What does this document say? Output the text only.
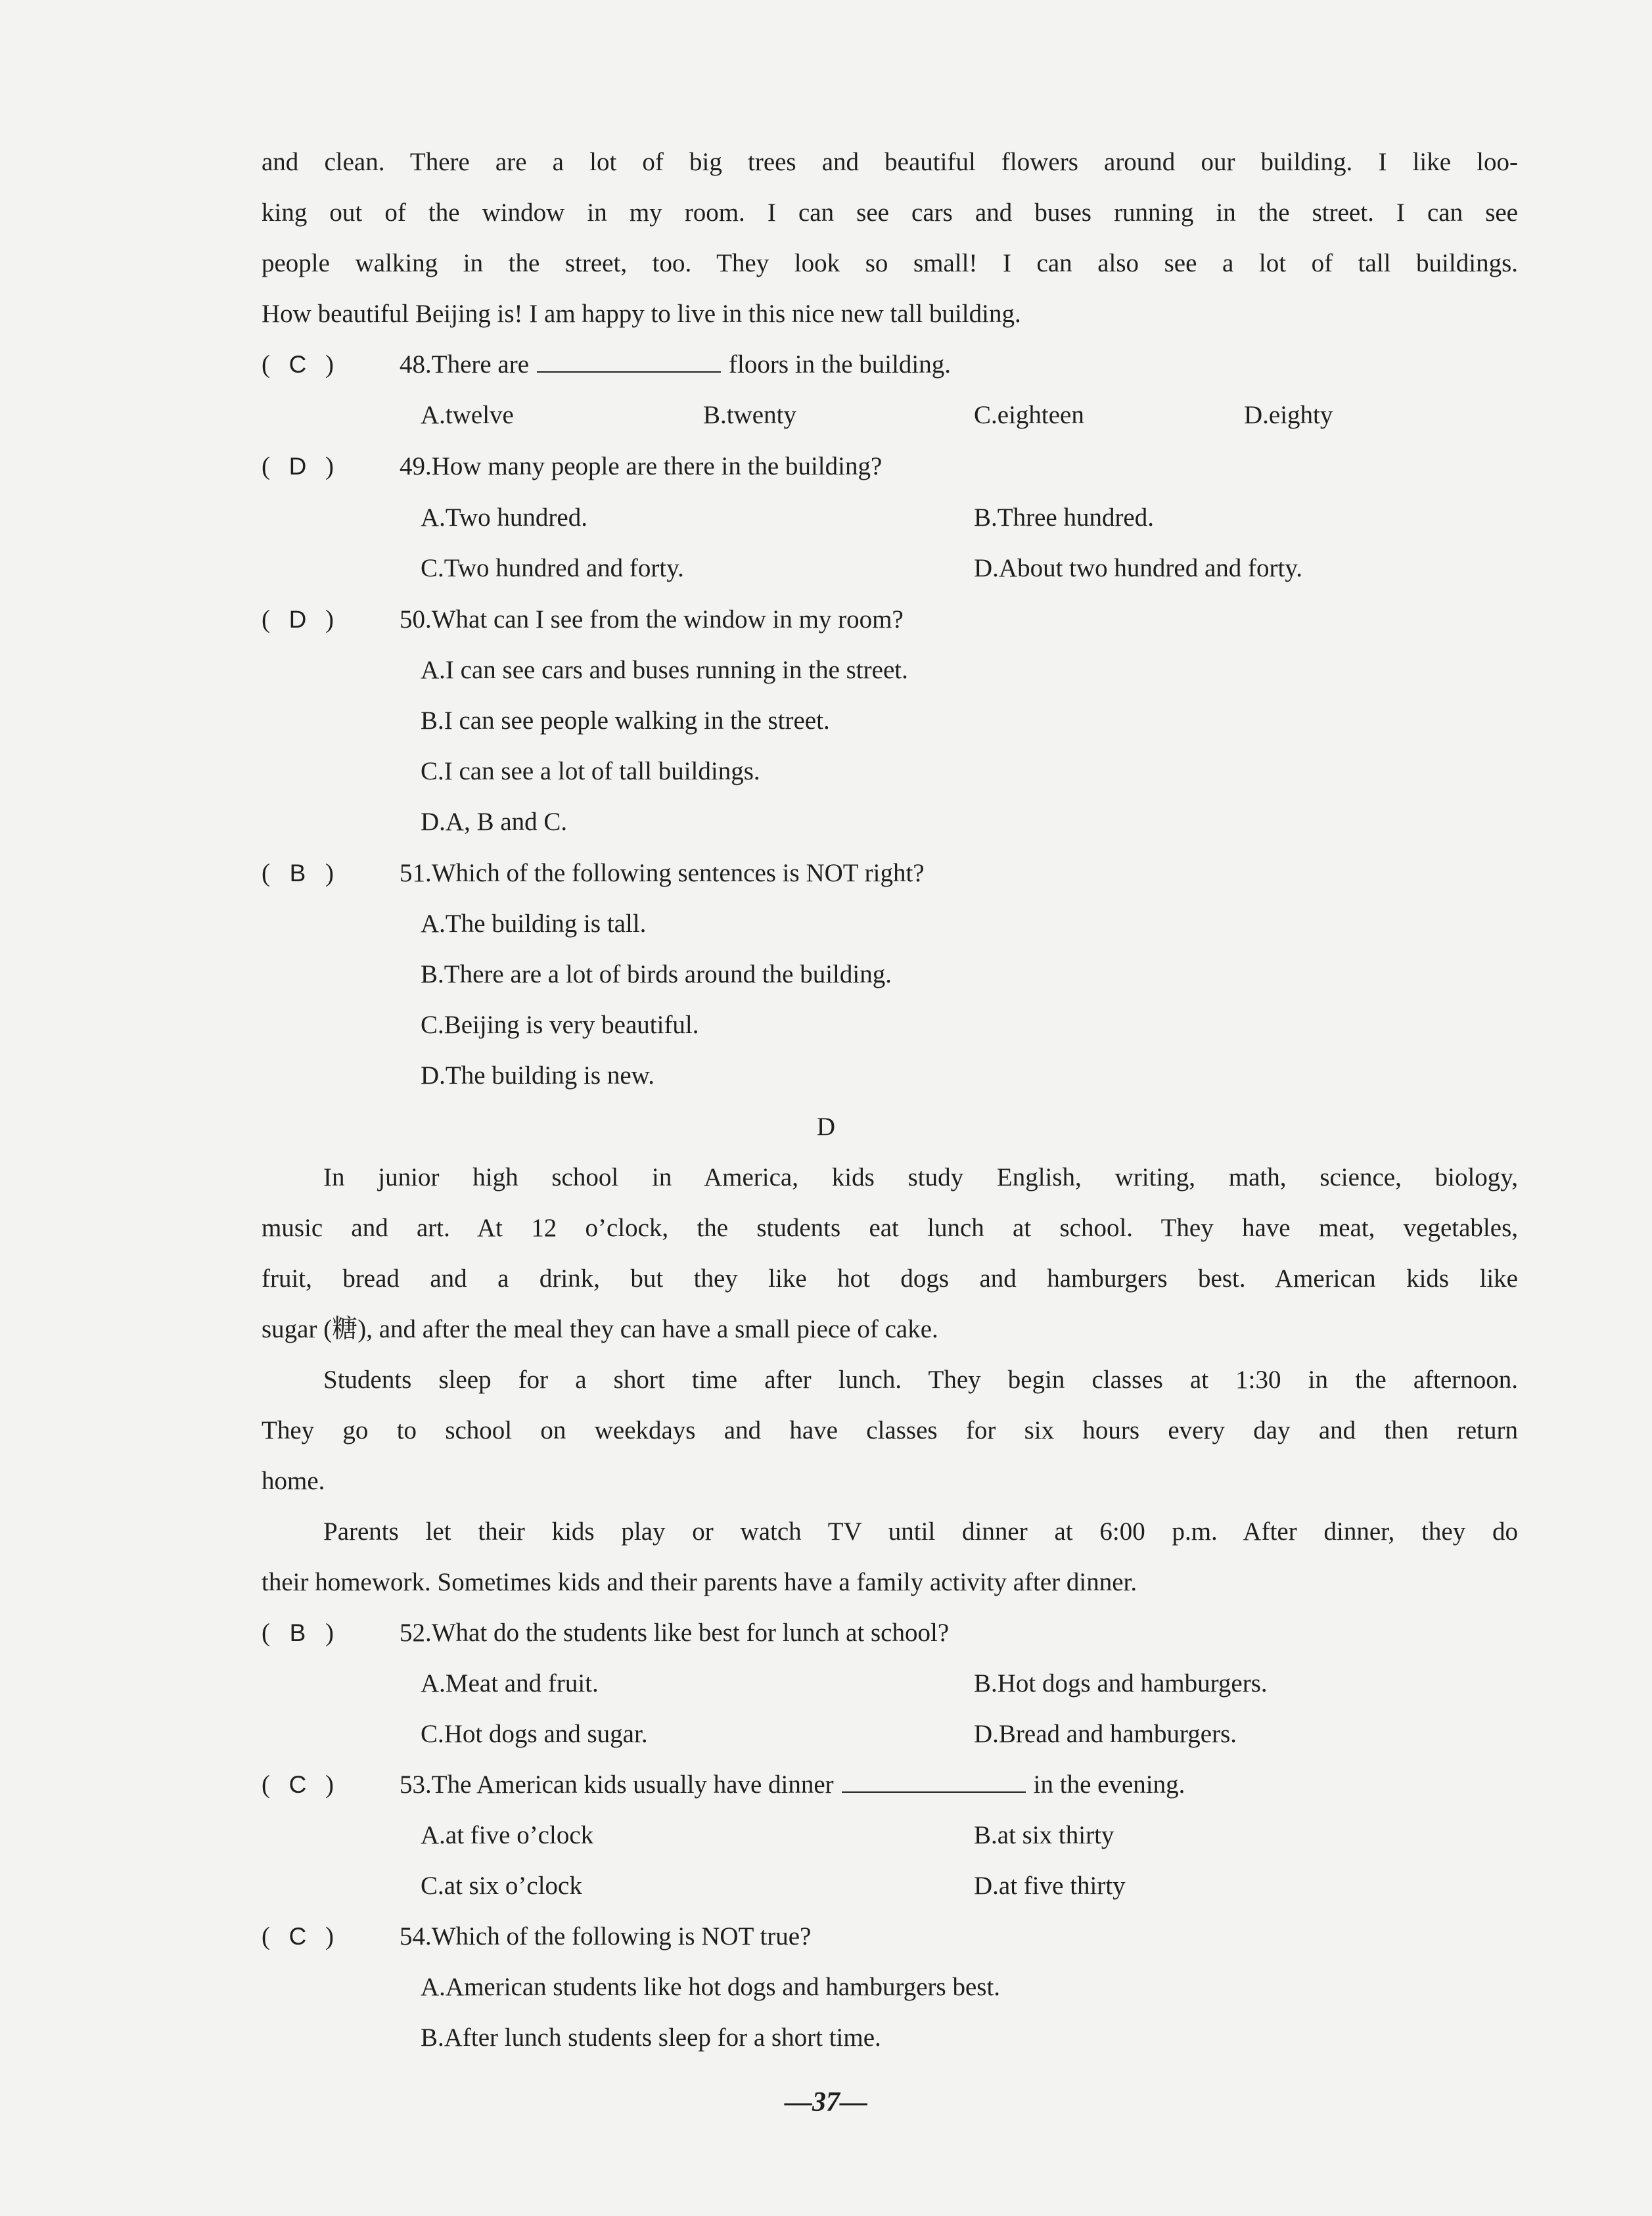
and clean. There are a lot of big trees and beautiful flowers around our building. I like loo-
king out of the window in my room. I can see cars and buses running in the street. I can see
people walking in the street, too. They look so small! I can also see a lot of tall buildings.
How beautiful Beijing is! I am happy to live in this nice new tall building.
( C )	48.There are	floors in the building.
A.twelve	B.twenty	C.eighteen	D.eighty
( D )	49.How many people are there in the building?
A.Two hundred.	B.Three hundred.
C.Two hundred and forty.	D.About two hundred and forty.
( D )	50.What can I see from the window in my room?
A.I can see cars and buses running in the street.
B.I can see people walking in the street.
C.I can see a lot of tall buildings.
D.A, B and C.
( B )	51.Which of the following sentences is NOT right?
A.The building is tall.
B.There are a lot of birds around the building.
C.Beijing is very beautiful.
D.The building is new.
D
In junior high school in America, kids study English, writing, math, science, biology,
music and art. At 12 o’clock, the students eat lunch at school. They have meat, vegetables,
fruit, bread and a drink, but they like hot dogs and hamburgers best. American kids like
sugar (糖), and after the meal they can have a small piece of cake.
Students sleep for a short time after lunch. They begin classes at 1:30 in the afternoon.
They go to school on weekdays and have classes for six hours every day and then return
home.
Parents let their kids play or watch TV until dinner at 6:00 p.m. After dinner, they do
their homework. Sometimes kids and their parents have a family activity after dinner.
( B )	52.What do the students like best for lunch at school?
A.Meat and fruit.	B.Hot dogs and hamburgers.
C.Hot dogs and sugar.	D.Bread and hamburgers.
( C )	53.The American kids usually have dinner	in the evening.
A.at five o’clock	B.at six thirty
C.at six o’clock	D.at five thirty
( C )	54.Which of the following is NOT true?
A.American students like hot dogs and hamburgers best.
B.After lunch students sleep for a short time.
—37—
